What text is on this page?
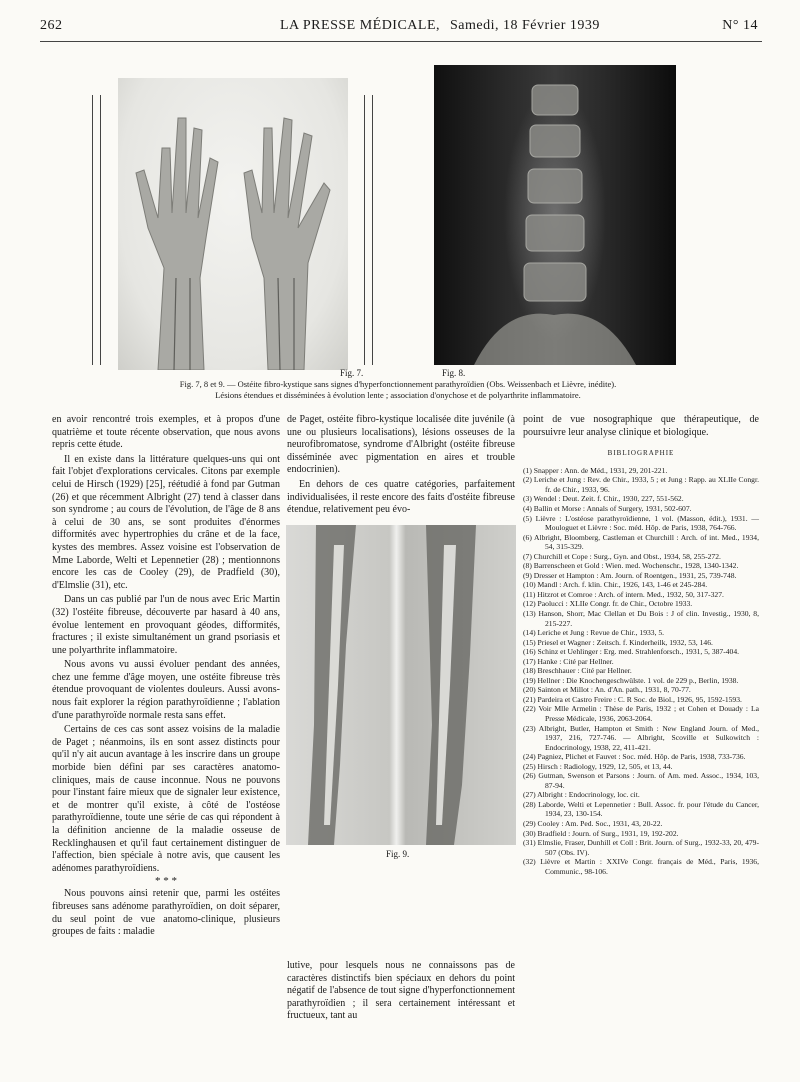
262	LA PRESSE MÉDICALE, Samedi, 18 Février 1939	N° 14
Fig. 7.	Fig. 8.
Fig. 9.
Fig. 7, 8 et 9. — Ostéite fibro-kystique sans signes d'hyperfonctionnement parathyroïdien (Obs. Weissenbach et Lièvre, inédite).
Lésions étendues et disséminées à évolution lente ; association d'onychose et de polyarthrite inflammatoire.

en avoir rencontré trois exemples, et à propos d'une quatrième et toute récente observation, que nous avons repris cette étude.

Il en existe dans la littérature quelques-uns qui ont fait l'objet d'explorations cervicales. Citons par exemple celui de Hirsch (1929) [25], réétudié à fond par Gutman (26) et que récemment Albright (27) tend à classer dans son syndrome ; au cours de l'évolution, de l'âge de 8 ans à celui de 30 ans, se sont produites d'énormes difformités avec hypertrophies du crâne et de la face, kystes des membres. Assez voisine est l'observation de Mme Laborde, Welti et Lepennetier (28) ; mentionnons encore les cas de Cooley (29), de Pradfield (30), d'Elmslie (31), etc.

Dans un cas publié par l'un de nous avec Eric Martin (32) l'ostéite fibreuse, découverte par hasard à 40 ans, évolue lentement en provoquant géodes, difformités, fractures ; il existe simultanément un grand psoriasis et une polyarthrite inflammatoire.

Nous avons vu aussi évoluer pendant des années, chez une femme d'âge moyen, une ostéite fibreuse très étendue provoquant de violentes douleurs. Aussi avons-nous fait explorer la région parathyroïdienne ; l'ablation d'une parathyroïde normale resta sans effet.

Certains de ces cas sont assez voisins de la maladie de Paget ; néanmoins, ils en sont assez distincts pour qu'il n'y ait aucun avantage à les inscrire dans un groupe morbide bien défini par ses caractères anatomo-cliniques, mais de cause inconnue. Nous ne pouvons pour l'instant faire mieux que de signaler leur existence, et de montrer qu'il existe, à côté de l'ostéose parathyroïdienne, toute une série de cas qui répondent à la définition ancienne de la maladie osseuse de Recklinghausen et qu'il faut certainement distinguer de l'affection, bien spéciale à notre avis, que causent les adénomes parathyroïdiens.

* * *

Nous pouvons ainsi retenir que, parmi les ostéites fibreuses sans adénome parathyroïdien, on doit séparer, du seul point de vue anatomo-clinique, plusieurs groupes de faits : maladie

de Paget, ostéite fibro-kystique localisée dite juvénile (à une ou plusieurs localisations), lésions osseuses de la neurofibromatose, syndrome d'Albright (ostéite fibreuse disséminée avec pigmentation en aires et trouble endocrinien).

En dehors de ces quatre catégories, parfaitement individualisées, il reste encore des faits d'ostéite fibreuse étendue, relativement peu évo-

lutive, pour lesquels nous ne connaissons pas de caractères distinctifs bien spéciaux en dehors du point négatif de l'absence de tout signe d'hyperfonctionnement parathyroïdien ; il sera certainement intéressant et fructueux, tant au

point de vue nosographique que thérapeutique, de poursuivre leur analyse clinique et biologique.

BIBLIOGRAPHIE
(1) Snapper : Ann. de Méd., 1931, 29, 201-221.
(2) Leriche et Jung : Rev. de Chir., 1933, 5 ; et Jung : Rapp. au XLIIe Congr. fr. de Chir., 1933, 96.
(3) Wendel : Deut. Zeit. f. Chir., 1930, 227, 551-562.
(4) Ballin et Morse : Annals of Surgery, 1931, 502-607.
(5) Lièvre : L'ostéose parathyroïdienne, 1 vol. (Masson, édit.), 1931. — Mouloguet et Lièvre : Soc. méd. Hôp. de Paris, 1938, 764-766.
(6) Albright, Bloomberg, Castleman et Churchill : Arch. of int. Med., 1934, 54, 315-329.
(7) Churchill et Cope : Surg., Gyn. and Obst., 1934, 58, 255-272.
(8) Barrenscheen et Gold : Wien. med. Wochenschr., 1928, 1340-1342.
(9) Dresser et Hampton : Am. Journ. of Roentgen., 1931, 25, 739-748.
(10) Mandl : Arch. f. klin. Chir., 1926, 143, 1-46 et 245-284.
(11) Hitzrot et Comroe : Arch. of intern. Med., 1932, 50, 317-327.
(12) Paolucci : XLIIe Congr. fr. de Chir., Octobre 1933.
(13) Hanson, Shorr, Mac Clellan et Du Bois : J of clin. Investig., 1930, 8, 215-227.
(14) Leriche et Jung : Revue de Chir., 1933, 5.
(15) Priesel et Wagner : Zeitsch. f. Kinderheilk, 1932, 53, 146.
(16) Schinz et Uehlinger : Erg. med. Strahlenforsch., 1931, 5, 387-404.
(17) Hanke : Cité par Hellner.
(18) Breschhauer : Cité par Hellner.
(19) Hellner : Die Knochengeschwülste. 1 vol. de 229 p., Berlin, 1938.
(20) Sainton et Millot : An. d'An. path., 1931, 8, 70-77.
(21) Pardeira et Castro Freire : C. R Soc. de Biol., 1926, 95, 1592-1593.
(22) Voir Mlle Armelin : Thèse de Paris, 1932 ; et Cohen et Douady : La Presse Médicale, 1936, 2063-2064.
(23) Albright, Butler, Hampton et Smith : New England Journ. of Med., 1937, 216, 727-746. — Albright, Scoville et Sulkowitch : Endocrinology, 1938, 22, 411-421.
(24) Pagniez, Plichet et Fauvet : Soc. méd. Hôp. de Paris, 1938, 733-736.
(25) Hirsch : Radiology, 1929, 12, 505, et 13, 44.
(26) Gutman, Swenson et Parsons : Journ. of Am. med. Assoc., 1934, 103, 87-94.
(27) Albright : Endocrinology, loc. cit.
(28) Laborde, Welti et Lepennetier : Bull. Assoc. fr. pour l'étude du Cancer, 1934, 23, 130-154.
(29) Cooley : Am. Ped. Soc., 1931, 43, 20-22.
(30) Bradfield : Journ. of Surg., 1931, 19, 192-202.
(31) Elmslie, Fraser, Dunhill et Coll : Brit. Journ. of Surg., 1932-33, 20, 479-507 (Obs. IV).
(32) Lièvre et Martin : XXIVe Congr. français de Méd., Paris, 1936, Communic., 98-106.
